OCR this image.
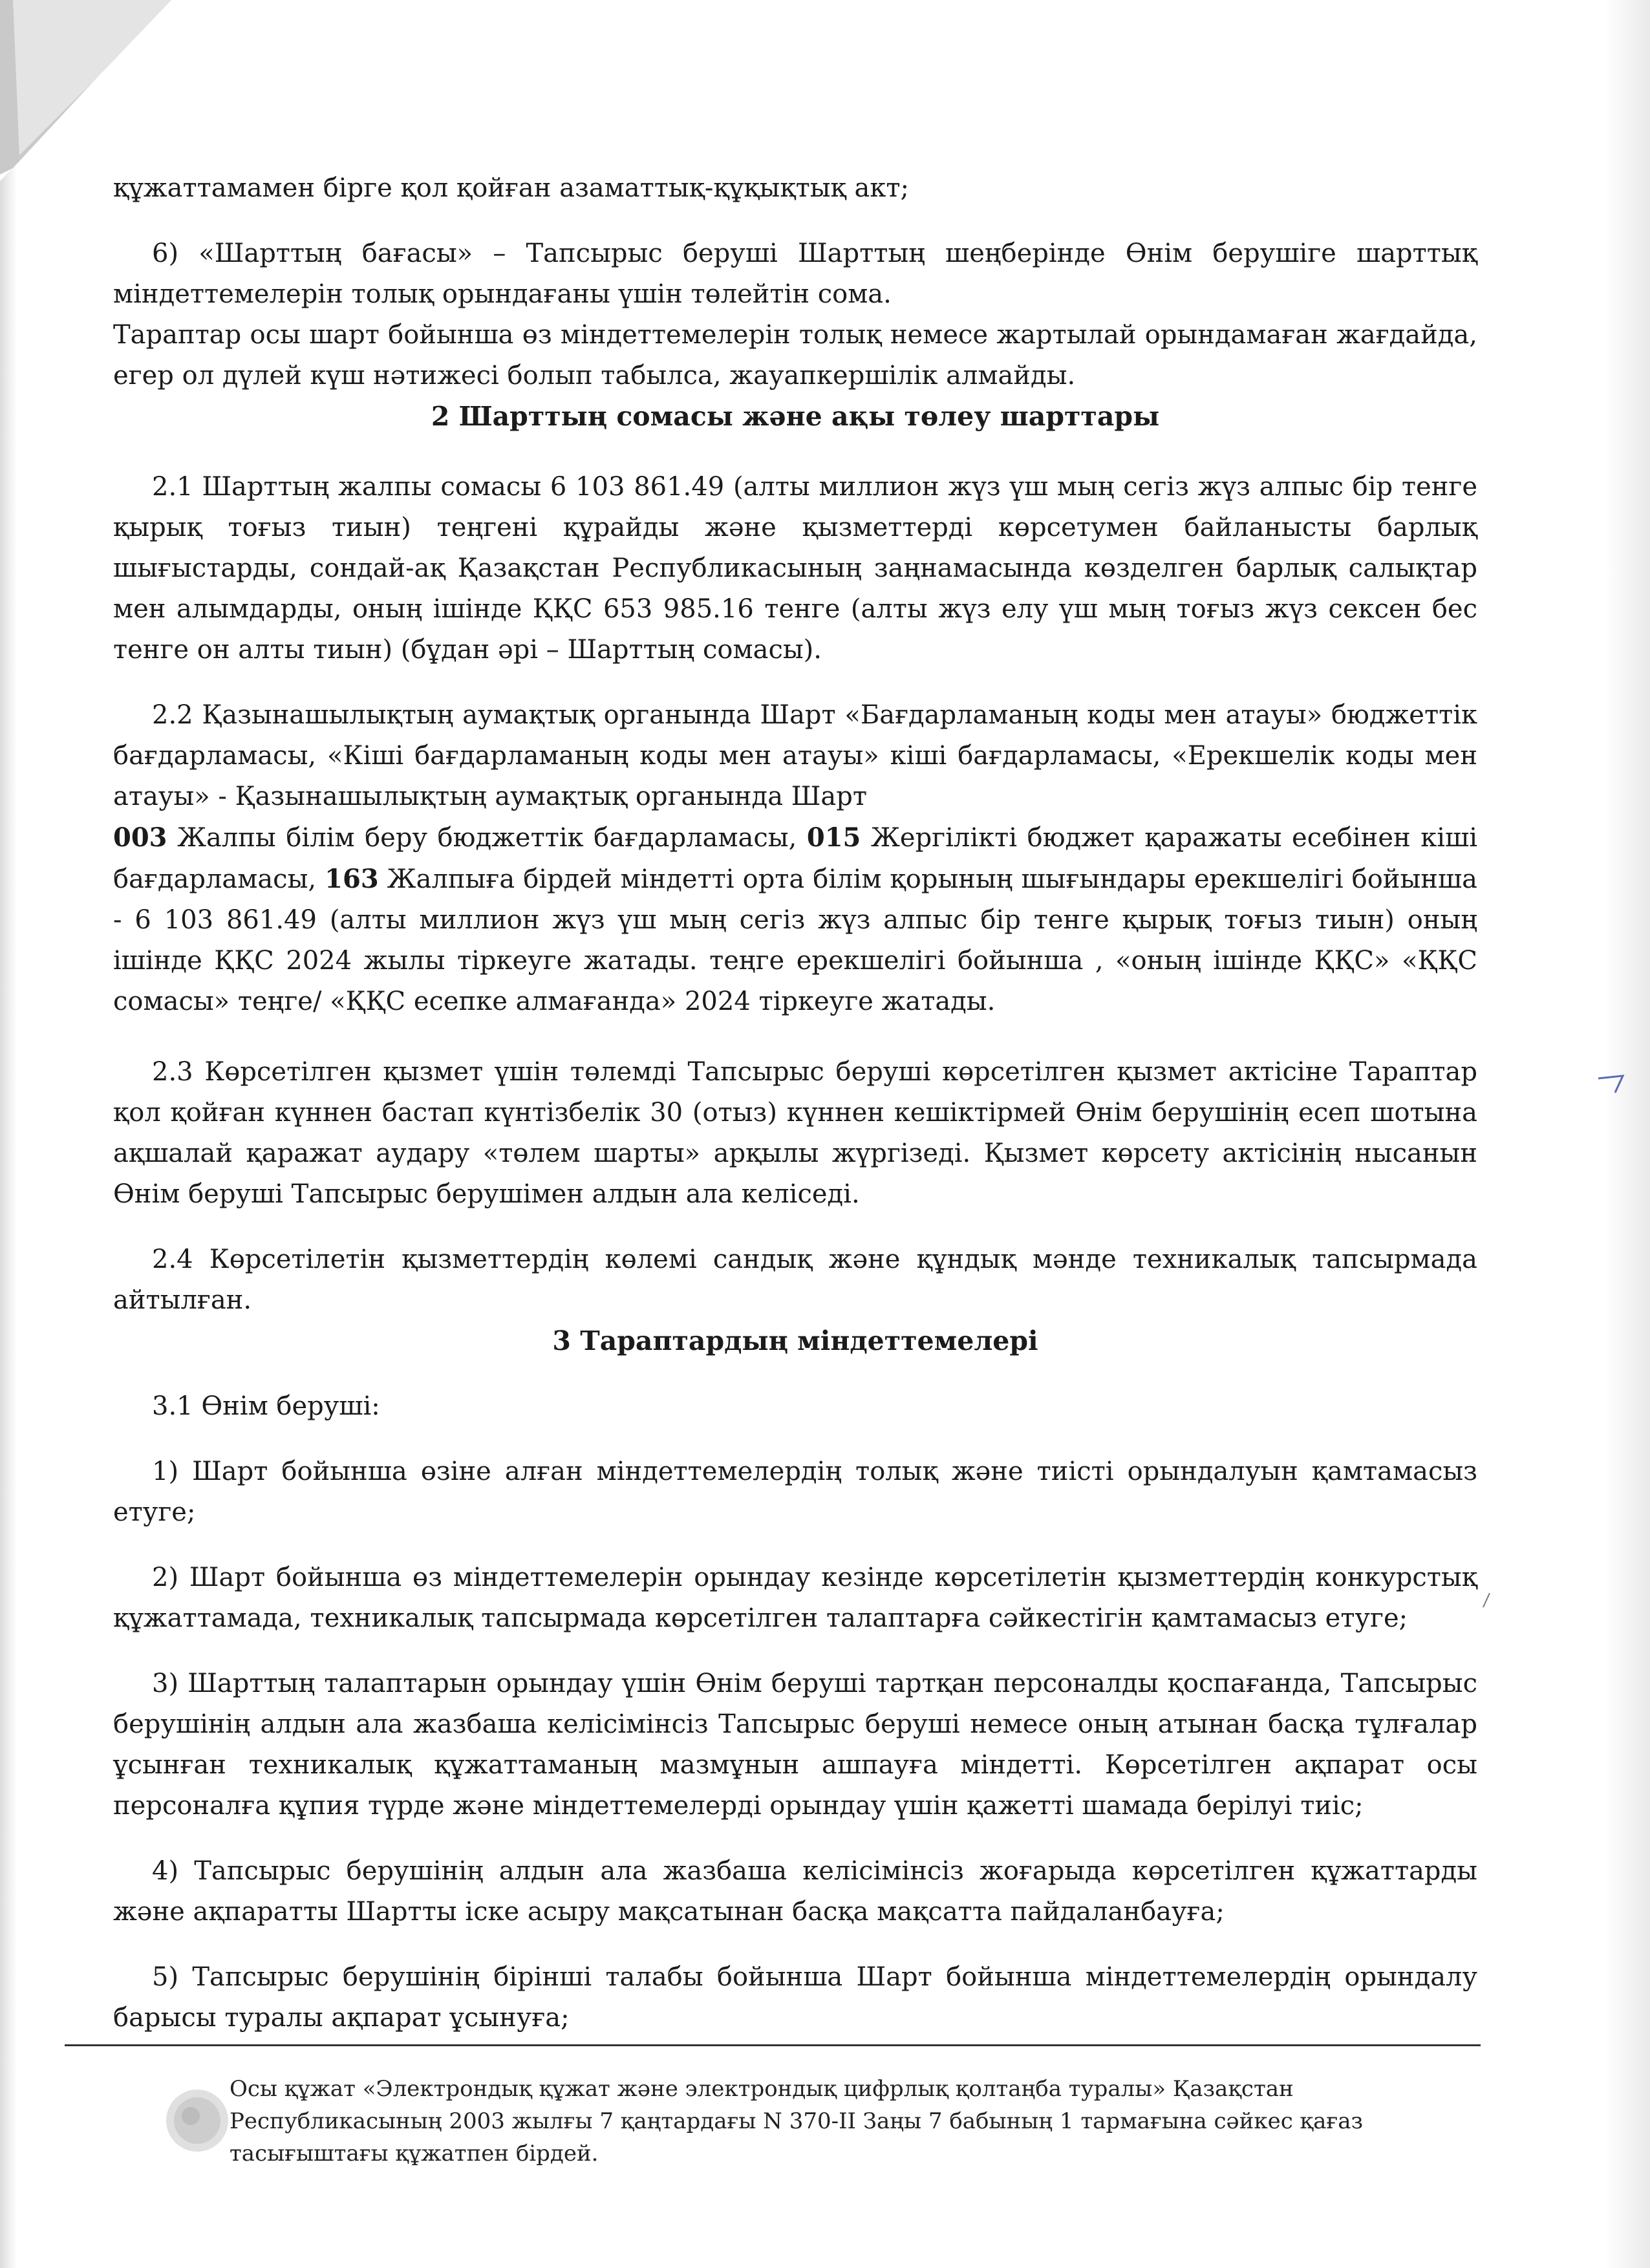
құжаттамамен бірге қол қойған азаматтық-құқықтық акт;

6) «Шарттың бағасы» – Тапсырыс беруші Шарттың шеңберінде Өнім берушіге шарттық міндеттемелерін толық орындағаны үшін төлейтін сома.

Тараптар осы шарт бойынша өз міндеттемелерін толық немесе жартылай орындамаған жағдайда, егер ол дүлей күш нәтижесі болып табылса, жауапкершілік алмайды.

2 Шарттың сомасы және ақы төлеу шарттары

2.1 Шарттың жалпы сомасы 6 103 861.49 (алты миллион жүз үш мың сегіз жүз алпыс бір тенге қырық тоғыз тиын) теңгені құрайды және қызметтерді көрсетумен байланысты барлық шығыстарды, сондай-ақ Қазақстан Республикасының заңнамасында көзделген барлық салықтар мен алымдарды, оның ішінде ҚҚС 653 985.16 тенге (алты жүз елу үш мың тоғыз жүз сексен бес тенге он алты тиын) (бұдан әрі – Шарттың сомасы).

2.2 Қазынашылықтың аумақтық органында Шарт «Бағдарламаның коды мен атауы» бюджеттік бағдарламасы, «Кіші бағдарламаның коды мен атауы» кіші бағдарламасы, «Ерекшелік коды мен атауы» - Қазынашылықтың аумақтық органында Шарт
003 Жалпы білім беру бюджеттік бағдарламасы, 015 Жергілікті бюджет қаражаты есебінен кіші бағдарламасы, 163 Жалпыға бірдей міндетті орта білім қорының шығындары ерекшелігі бойынша - 6 103 861.49 (алты миллион жүз үш мың сегіз жүз алпыс бір тенге қырық тоғыз тиын) оның ішінде ҚҚС 2024 жылы тіркеуге жатады. теңге ерекшелігі бойынша , «оның ішінде ҚҚС» «ҚҚС сомасы» теңге/ «ҚҚС есепке алмағанда» 2024 тіркеуге жатады.

2.3 Көрсетілген қызмет үшін төлемді Тапсырыс беруші көрсетілген қызмет актісіне Тараптар қол қойған күннен бастап күнтізбелік 30 (отыз) күннен кешіктірмей Өнім берушінің есеп шотына ақшалай қаражат аудару «төлем шарты» арқылы жүргізеді. Қызмет көрсету актісінің нысанын Өнім беруші Тапсырыс берушімен алдын ала келіседі.

2.4 Көрсетілетін қызметтердің көлемі сандық және құндық мәнде техникалық тапсырмада айтылған.

3 Тараптардың міндеттемелері

3.1 Өнім беруші:

1) Шарт бойынша өзіне алған міндеттемелердің толық және тиісті орындалуын қамтамасыз етуге;

2) Шарт бойынша өз міндеттемелерін орындау кезінде көрсетілетін қызметтердің конкурстық құжаттамада, техникалық тапсырмада көрсетілген талаптарға сәйкестігін қамтамасыз етуге;

3) Шарттың талаптарын орындау үшін Өнім беруші тартқан персоналды қоспағанда, Тапсырыс берушінің алдын ала жазбаша келісімінсіз Тапсырыс беруші немесе оның атынан басқа тұлғалар ұсынған техникалық құжаттаманың мазмұнын ашпауға міндетті. Көрсетілген ақпарат осы персоналға құпия түрде және міндеттемелерді орындау үшін қажетті шамада берілуі тиіс;

4) Тапсырыс берушінің алдын ала жазбаша келісімінсіз жоғарыда көрсетілген құжаттарды және ақпаратты Шартты іске асыру мақсатынан басқа мақсатта пайдаланбауға;

5) Тапсырыс берушінің бірінші талабы бойынша Шарт бойынша міндеттемелердің орындалу барысы туралы ақпарат ұсынуға;

Осы құжат «Электрондық құжат және электрондық цифрлық қолтаңба туралы» Қазақстан Республикасының 2003 жылғы 7 қаңтардағы N 370-II Заңы 7 бабының 1 тармағына сәйкес қағаз тасығыштағы құжатпен бірдей.
